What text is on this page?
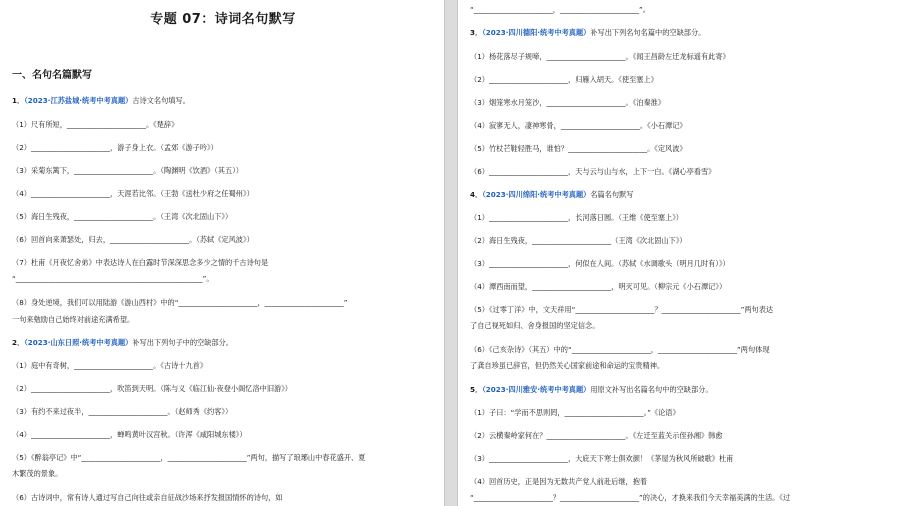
专题 07：诗词名句默写
一、名句名篇默写
1．（2023·江苏盐城·统考中考真题）古诗文名句填写。
（1）尺有所短，______________________。《楚辞》
（2）______________________，游子身上衣。（孟郊《游子吟》）
（3）采菊东篱下，______________________。（陶渊明《饮酒》（其五））
（4）______________________，天涯若比邻。（王勃《送杜少府之任蜀州》）
（5）海日生残夜，______________________。（王湾《次北固山下》）
（6）回首向来萧瑟处，归去，______________________。（苏轼《定风波》）
（7）杜甫《月夜忆舍弟》中表达诗人在白露时节深深思念多少之情的千古诗句是
“____________________________________________________”。
（8）身处逆境，我们可以用陆游《游山西村》中的“______________________，______________________”
一句来勉励自己始终对前途充满希望。
2．（2023·山东日照·统考中考真题）补写出下列句子中的空缺部分。
（1）庭中有奇树，______________________。《古诗十九首》
（2）______________________，吹笛到天明。（陈与义《临江仙·夜登小阁忆洛中旧游》）
（3）有约不来过夜半，______________________。（赵师秀《约客》）
（4）______________________，蝉鸣黄叶汉宫秋。（许浑《咸阳城东楼》）
（5）《醉翁亭记》中“______________________，______________________”两句，描写了琅琊山中春花盛开、夏
木繁茂的景象。
（6）古诗词中，常有诗人通过写自己向往或亲自征战沙场来抒发报国情怀的诗句，如
“______________________，______________________”。
3．（2023·四川德阳·统考中考真题）补写出下列名句名篇中的空缺部分。
（1）杨花落尽子规啼，______________________。《闻王昌龄左迁龙标遥有此寄》
（2）______________________，归雁入胡天。《使至塞上》
（3）烟笼寒水月笼沙，______________________。《泊秦淮》
（4）寂寥无人，凄神寒骨，______________________。《小石潭记》
（5）竹杖芒鞋轻胜马，谁怕？______________________。《定风波》
（6）______________________，天与云与山与水，上下一白。《湖心亭看雪》
4．（2023·四川绵阳·统考中考真题）名篇名句默写
（1）______________________，长河落日圆。（王维《使至塞上》）
（2）海日生残夜，______________________（王湾《次北固山下》）
（3）______________________，何似在人间。（苏轼《水调歌头（明月几时有）》）
（4）潭西南而望，______________________，明灭可见。（柳宗元《小石潭记》）
（5）《过零丁洋》中，文天祥用“______________________？______________________”两句表达
了自己视死如归、舍身报国的坚定信念。
（6）《己亥杂诗》（其五）中的“______________________，______________________”两句体现
了龚自珍虽已辞官，但仍然关心国家前途和命运的宝贵精神。
5．（2023·四川雅安·统考中考真题）用原文补写出名篇名句中的空缺部分。
（1）子曰：“学而不思则罔，______________________。”《论语》
（2）云横秦岭家何在？______________________。《左迁至蓝关示侄孙湘》韩愈
（3）______________________，大庇天下寒士俱欢颜！《茅屋为秋风所破歌》杜甫
（4）回首历史，正是因为无数共产党人前赴后继，抱着
“______________________？______________________”的决心，才换来我们今天幸福美满的生活。《过
